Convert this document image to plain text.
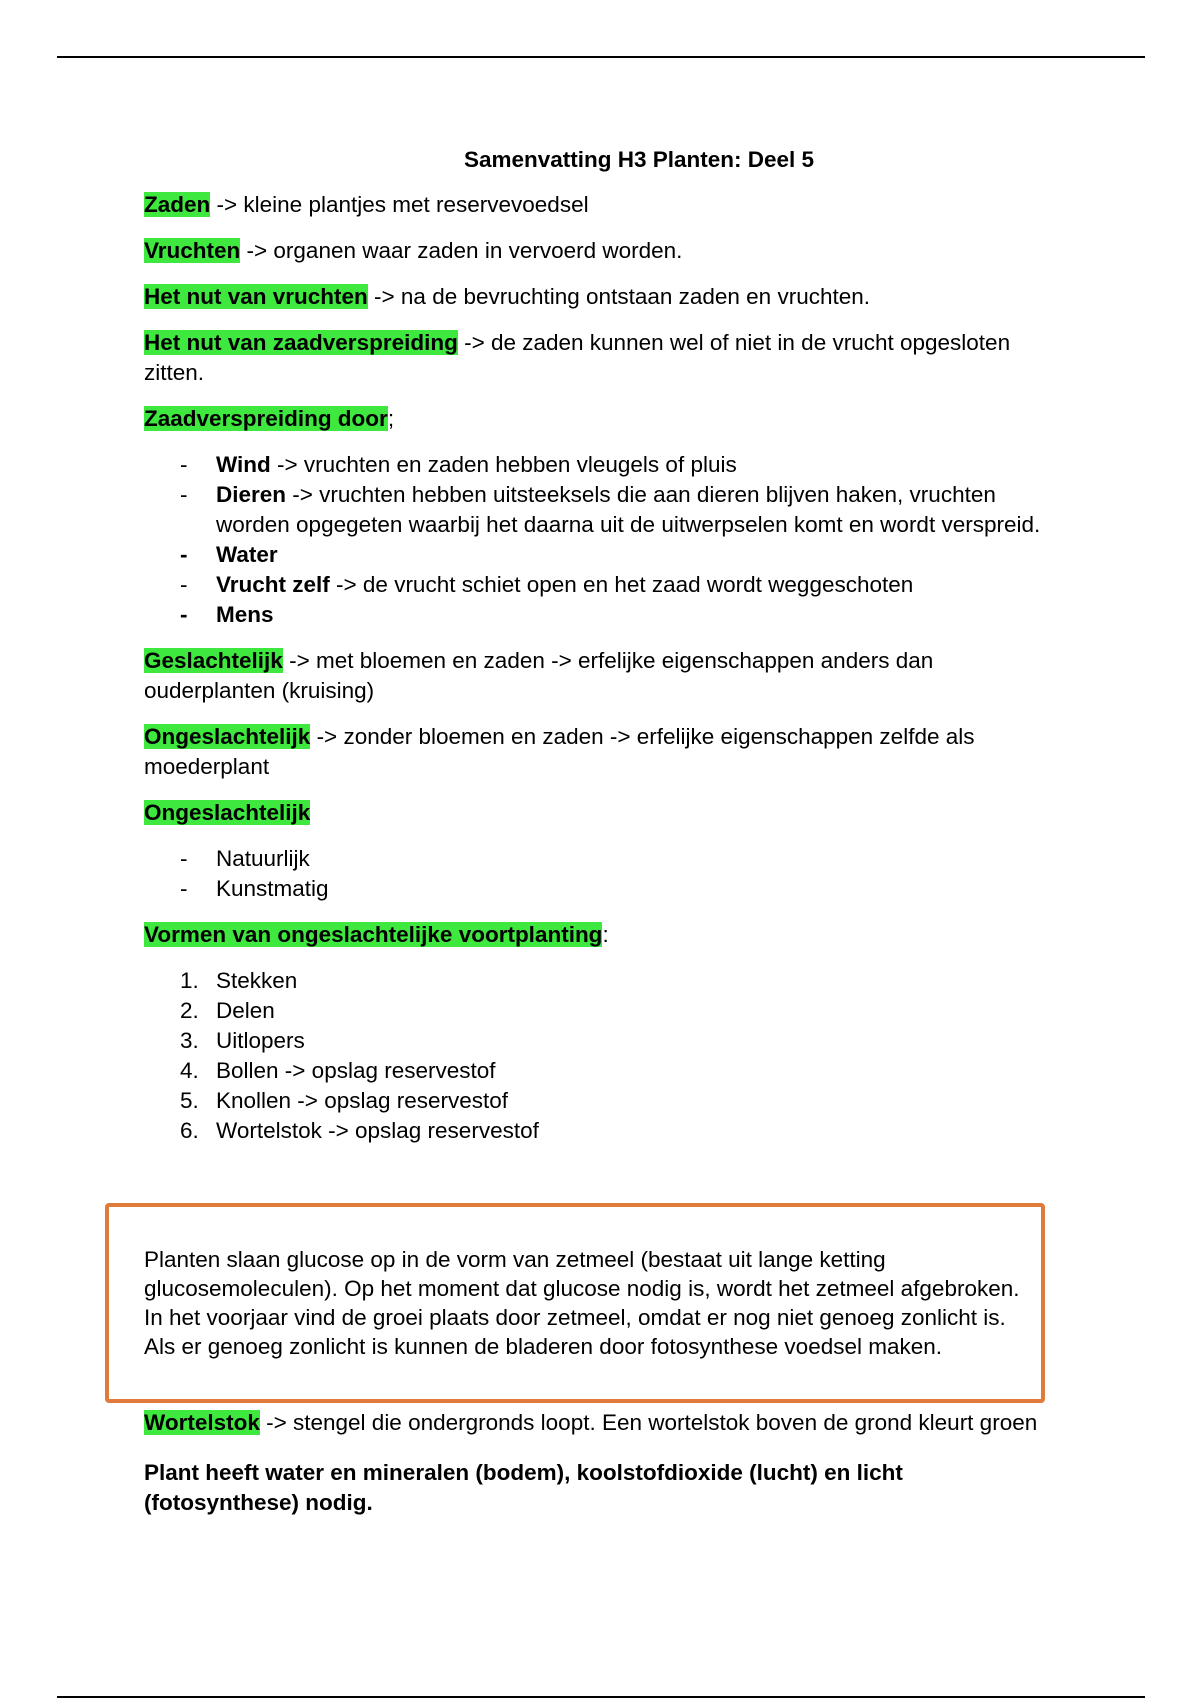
Samenvatting H3 Planten: Deel 5

Zaden -> kleine plantjes met reservevoedsel

Vruchten -> organen waar zaden in vervoerd worden.

Het nut van vruchten -> na de bevruchting ontstaan zaden en vruchten.

Het nut van zaadverspreiding -> de zaden kunnen wel of niet in de vrucht opgesloten zitten.

Zaadverspreiding door;

- Wind -> vruchten en zaden hebben vleugels of pluis
- Dieren -> vruchten hebben uitsteeksels die aan dieren blijven haken, vruchten worden opgegeten waarbij het daarna uit de uitwerpselen komt en wordt verspreid.
- Water
- Vrucht zelf -> de vrucht schiet open en het zaad wordt weggeschoten
- Mens

Geslachtelijk -> met bloemen en zaden -> erfelijke eigenschappen anders dan ouderplanten (kruising)

Ongeslachtelijk -> zonder bloemen en zaden -> erfelijke eigenschappen zelfde als moederplant

Ongeslachtelijk

- Natuurlijk
- Kunstmatig

Vormen van ongeslachtelijke voortplanting:

1. Stekken
2. Delen
3. Uitlopers
4. Bollen -> opslag reservestof
5. Knollen -> opslag reservestof
6. Wortelstok -> opslag reservestof
Planten slaan glucose op in de vorm van zetmeel (bestaat uit lange ketting glucosemoleculen). Op het moment dat glucose nodig is, wordt het zetmeel afgebroken. In het voorjaar vind de groei plaats door zetmeel, omdat er nog niet genoeg zonlicht is. Als er genoeg zonlicht is kunnen de bladeren door fotosynthese voedsel maken.

Wortelstok -> stengel die ondergronds loopt. Een wortelstok boven de grond kleurt groen

Plant heeft water en mineralen (bodem), koolstofdioxide (lucht) en licht (fotosynthese) nodig.
